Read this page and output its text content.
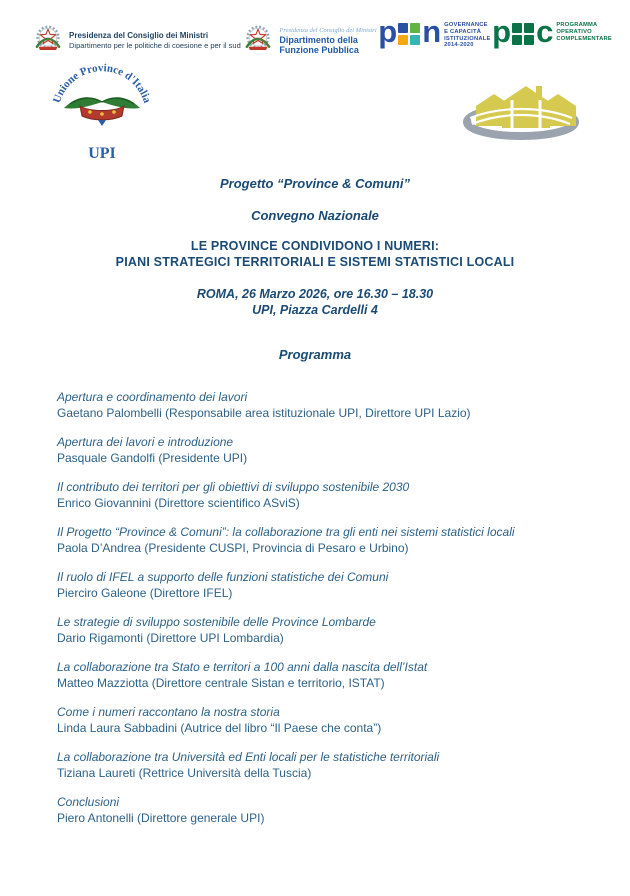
Presidenza del Consiglio dei Ministri
Dipartimento per le politiche di coesione e per il sud
Presidenza del Consiglio dei Ministri
Dipartimento della
Funzione Pubblica
p n GOVERNANCE
E CAPACITÀ
ISTITUZIONALE
2014-2020 p c PROGRAMMA
OPERATIVO
COMPLEMENTARE
Unione Province d'Italia
UPI
Progetto “Province & Comuni”
Convegno Nazionale
LE PROVINCE CONDIVIDONO I NUMERI:
PIANI STRATEGICI TERRITORIALI E SISTEMI STATISTICI LOCALI
ROMA, 26 Marzo 2026, ore 16.30 – 18.30
UPI, Piazza Cardelli 4
Programma
Apertura e coordinamento dei lavori
Gaetano Palombelli (Responsabile area istituzionale UPI, Direttore UPI Lazio)
Apertura dei lavori e introduzione
Pasquale Gandolfi (Presidente UPI)
Il contributo dei territori per gli obiettivi di sviluppo sostenibile 2030
Enrico Giovannini (Direttore scientifico ASviS)
Il Progetto “Province & Comuni”: la collaborazione tra gli enti nei sistemi statistici locali
Paola D’Andrea (Presidente CUSPI, Provincia di Pesaro e Urbino)
Il ruolo di IFEL a supporto delle funzioni statistiche dei Comuni
Pierciro Galeone (Direttore IFEL)
Le strategie di sviluppo sostenibile delle Province Lombarde
Dario Rigamonti (Direttore UPI Lombardia)
La collaborazione tra Stato e territori a 100 anni dalla nascita dell’Istat
Matteo Mazziotta (Direttore centrale Sistan e territorio, ISTAT)
Come i numeri raccontano la nostra storia
Linda Laura Sabbadini (Autrice del libro “Il Paese che conta”)
La collaborazione tra Università ed Enti locali per le statistiche territoriali
Tiziana Laureti (Rettrice Università della Tuscia)
Conclusioni
Piero Antonelli (Direttore generale UPI)
